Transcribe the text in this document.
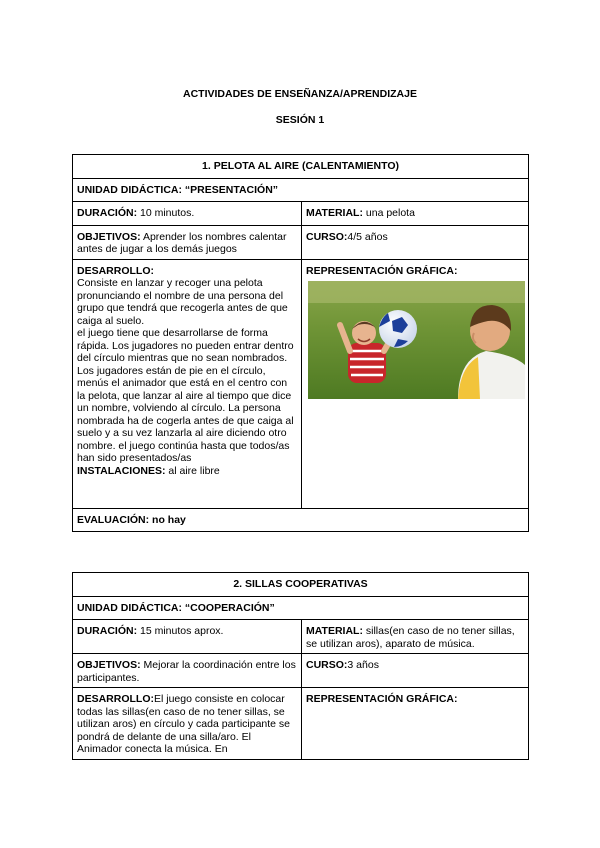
ACTIVIDADES DE ENSEÑANZA/APRENDIZAJE
SESIÓN 1
1. PELOTA AL AIRE (CALENTAMIENTO)	
UNIDAD DIDÁCTICA: “PRESENTACIÓN”	
DURACIÓN: 10 minutos.	MATERIAL: una pelota
OBJETIVOS: Aprender los nombres calentar antes de jugar a los demás juegos	CURSO:4/5 años

DESARROLLO:
Consiste en lanzar y recoger una pelota pronunciando el nombre de una persona del grupo que tendrá que recogerla antes de que caiga al suelo.
el juego tiene que desarrollarse de forma rápida. Los jugadores no pueden entrar dentro del círculo mientras que no sean nombrados.
Los jugadores están de pie en el círculo, menús el animador que está en el centro con la pelota, que lanzar al aire al tiempo que dice un nombre, volviendo al círculo. La persona nombrada ha de cogerla antes de que caiga al suelo y a su vez lanzarla al aire diciendo otro nombre. el juego continúa hasta que todos/as han sido presentados/as
INSTALACIONES: al aire libre	REPRESENTACIÓN GRÁFICA:

EVALUACIÓN: no hay	
2. SILLAS COOPERATIVAS	
UNIDAD DIDÁCTICA: “COOPERACIÓN”	
DURACIÓN: 15 minutos aprox.	MATERIAL: sillas(en caso de no tener sillas, se utilizan aros), aparato de música.
OBJETIVOS: Mejorar la coordinación entre los participantes.	CURSO:3 años
DESARROLLO:El juego consiste en colocar todas las sillas(en caso de no tener sillas, se utilizan aros) en círculo y cada participante se pondrá de delante de una silla/aro. El Animador conecta la música. En	REPRESENTACIÓN GRÁFICA:
